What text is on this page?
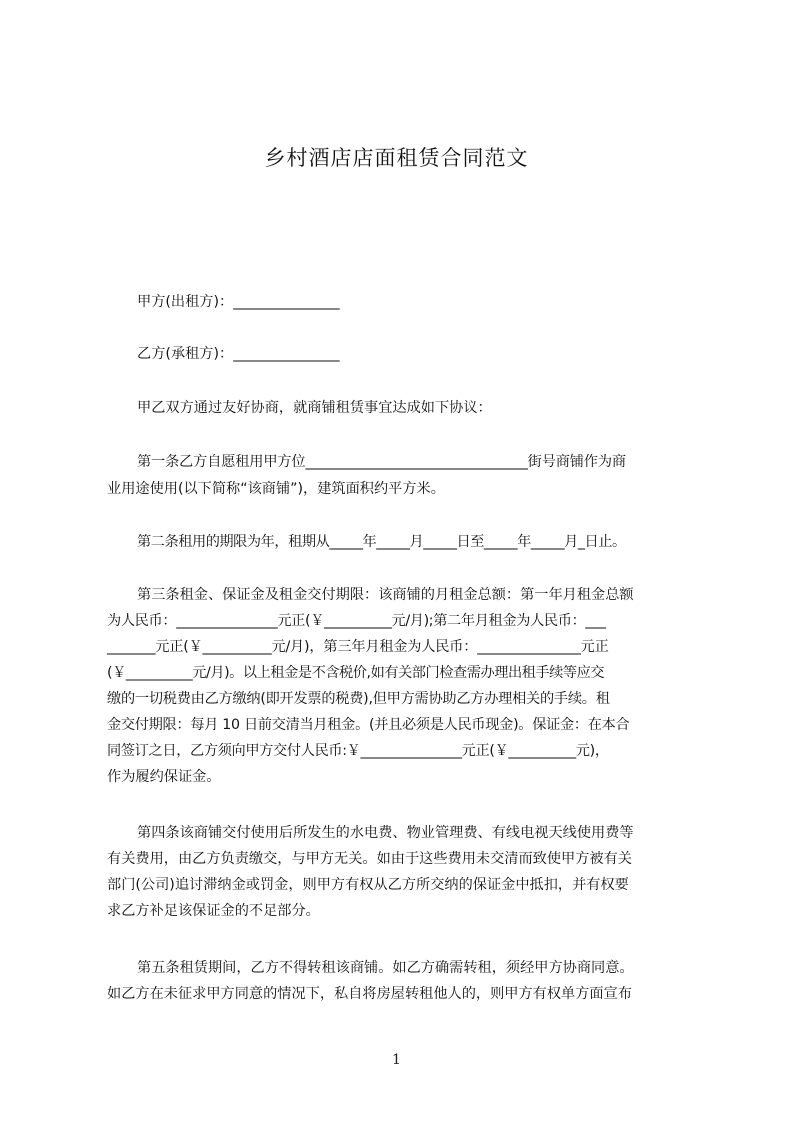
乡村酒店店面租赁合同范文
甲方(出租方)：_______________
乙方(承租方)：_______________
甲乙双方通过友好协商，就商铺租赁事宜达成如下协议：
第一条乙方自愿租用甲方位________________________________街号商铺作为商
业用途使用(以下简称“该商铺”)，建筑面积约平方米。
第二条租用的期限为年，租期从_____年_____月_____日至_____年_____月_日止。
第三条租金、保证金及租金交付期限：该商铺的月租金总额：第一年月租金总额
为人民币：_______________元正(￥__________元/月);第二年月租金为人民币：___
_______元正(￥__________元/月)，第三年月租金为人民币：_______________元正
(￥__________元/月)。以上租金是不含税价,如有关部门检查需办理出租手续等应交
缴的一切税费由乙方缴纳(即开发票的税费),但甲方需协助乙方办理相关的手续。租
金交付期限：每月 10 日前交清当月租金。(并且必须是人民币现金)。保证金：在本合
同签订之日，乙方须向甲方交付人民币:￥_______________元正(￥__________元)，
作为履约保证金。
第四条该商铺交付使用后所发生的水电费、物业管理费、有线电视天线使用费等
有关费用，由乙方负责缴交，与甲方无关。如由于这些费用未交清而致使甲方被有关
部门(公司)追讨滞纳金或罚金，则甲方有权从乙方所交纳的保证金中抵扣，并有权要
求乙方补足该保证金的不足部分。
第五条租赁期间，乙方不得转租该商铺。如乙方确需转租，须经甲方协商同意。
如乙方在未征求甲方同意的情况下，私自将房屋转租他人的，则甲方有权单方面宣布
1
